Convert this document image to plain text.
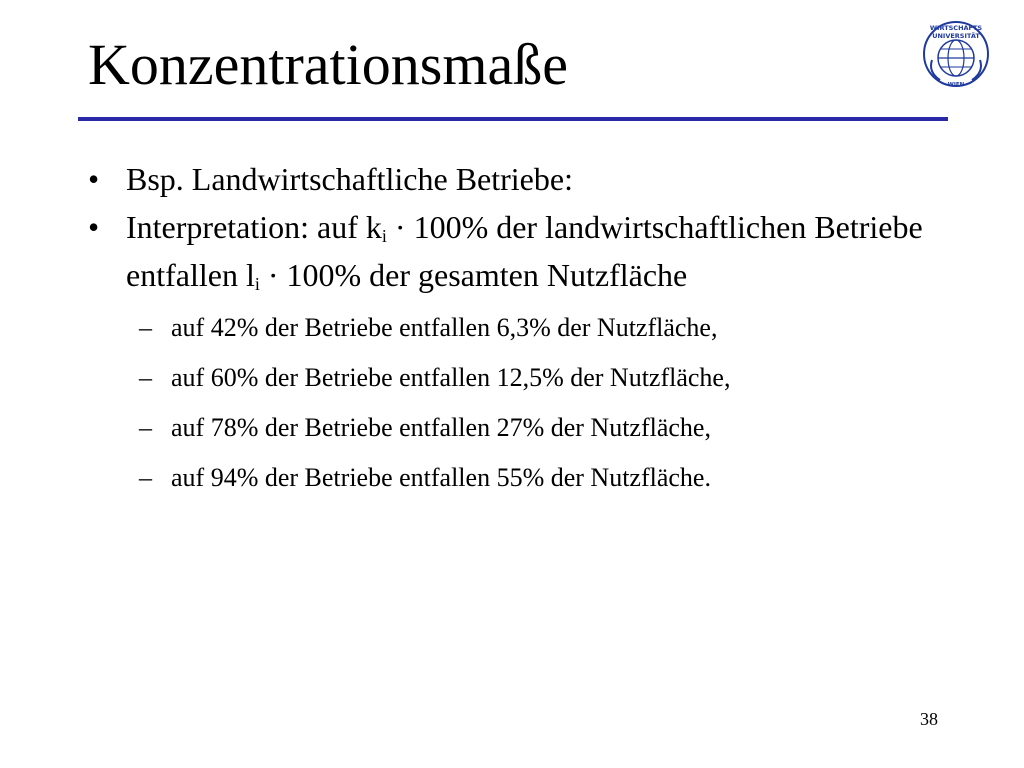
Konzentrationsmaße
WIRTSCHAFTS
UNIVERSITÄT
WIEN
• Bsp. Landwirtschaftliche Betriebe:
• Interpretation: auf $k_i \cdot 100\%$ der landwirtschaftlichen Betriebe entfallen $l_i \cdot 100\%$ der gesamten Nutzfläche
– auf 42% der Betriebe entfallen 6,3% der Nutzfläche,
– auf 60% der Betriebe entfallen 12,5% der Nutzfläche,
– auf 78% der Betriebe entfallen 27% der Nutzfläche,
– auf 94% der Betriebe entfallen 55% der Nutzfläche.
38
